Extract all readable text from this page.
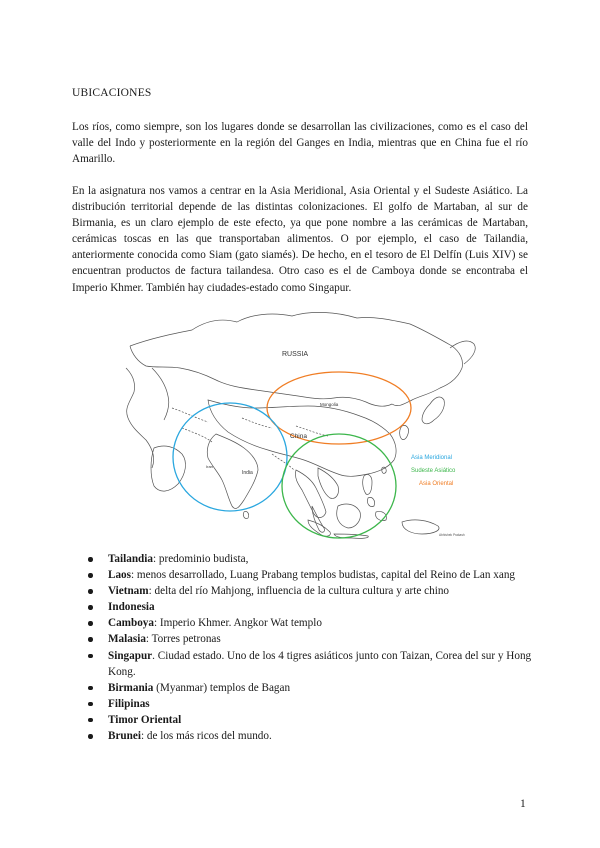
UBICACIONES

Los ríos, como siempre, son los lugares donde se desarrollan las civilizaciones, como es el caso del valle del Indo y posteriormente en la región del Ganges en India, mientras que en China fue el río Amarillo.

En la asignatura nos vamos a centrar en la Asia Meridional, Asia Oriental y el Sudeste Asiático. La distribución territorial depende de las distintas colonizaciones. El golfo de Martaban, al sur de Birmania, es un claro ejemplo de este efecto, ya que pone nombre a las cerámicas de Martaban, cerámicas toscas en las que transportaban alimentos. O por ejemplo, el caso de Tailandia, anteriormente conocida como Siam (gato siamés). De hecho, en el tesoro de El Delfín (Luis XIV) se encuentran productos de factura tailandesa. Otro caso es el de Camboya donde se encontraba el Imperio Khmer. También hay ciudades-estado como Singapur.

RUSSIA
Mongolia
China
India
Iran
Asia Meridional
Sudeste Asiático
Asia Oriental
Abhishek Prakash
Tailandia: predominio budista,
Laos: menos desarrollado, Luang Prabang templos budistas, capital del Reino de Lan xang
Vietnam: delta del río Mahjong, influencia de la cultura cultura y arte chino
Indonesia
Camboya: Imperio Khmer. Angkor Wat templo
Malasia: Torres petronas
Singapur. Ciudad estado. Uno de los 4 tigres asiáticos junto con Taizan, Corea del sur y Hong Kong.
Birmania (Myanmar) templos de Bagan
Filipinas
Timor Oriental
Brunei: de los más ricos del mundo.
1
